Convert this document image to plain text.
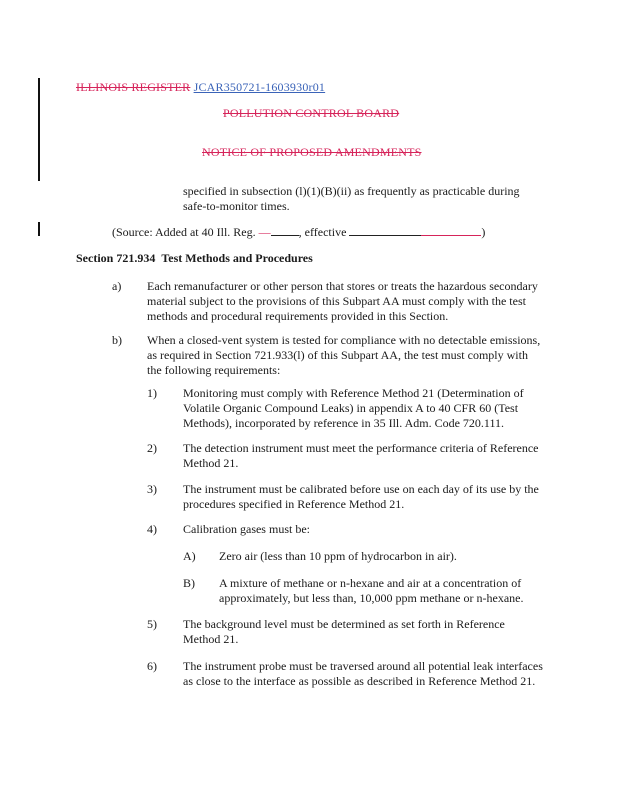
ILLINOIS REGISTER JCAR350721-1603930r01
POLLUTION CONTROL BOARD
NOTICE OF PROPOSED AMENDMENTS
specified in subsection (l)(1)(B)(ii) as frequently as practicable during
safe-to-monitor times.
(Source: Added at 40 Ill. Reg. — , effective	)
Section 721.934 Test Methods and Procedures
a) Each remanufacturer or other person that stores or treats the hazardous secondary
material subject to the provisions of this Subpart AA must comply with the test
methods and procedural requirements provided in this Section.
b) When a closed-vent system is tested for compliance with no detectable emissions,
as required in Section 721.933(l) of this Subpart AA, the test must comply with
the following requirements:
1) Monitoring must comply with Reference Method 21 (Determination of
Volatile Organic Compound Leaks) in appendix A to 40 CFR 60 (Test
Methods), incorporated by reference in 35 Ill. Adm. Code 720.111.
2) The detection instrument must meet the performance criteria of Reference
Method 21.
3) The instrument must be calibrated before use on each day of its use by the
procedures specified in Reference Method 21.
4) Calibration gases must be:
A) Zero air (less than 10 ppm of hydrocarbon in air).
B) A mixture of methane or n-hexane and air at a concentration of
approximately, but less than, 10,000 ppm methane or n-hexane.
5) The background level must be determined as set forth in Reference
Method 21.
6) The instrument probe must be traversed around all potential leak interfaces
as close to the interface as possible as described in Reference Method 21.
